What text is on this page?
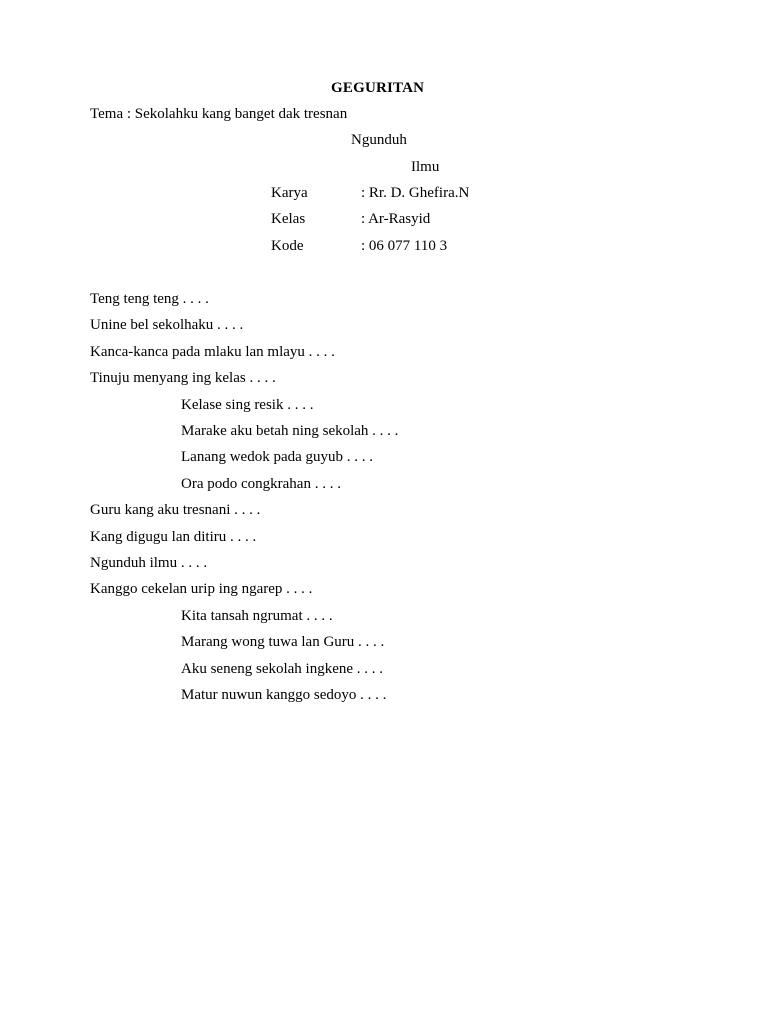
GEGURITAN
Tema : Sekolahku kang banget dak tresnan
Ngunduh
Ilmu
Karya	: Rr. D. Ghefira.N
Kelas	: Ar-Rasyid
Kode	: 06 077 110 3
Teng teng teng . . . .
Unine bel sekolhaku . . . .
Kanca-kanca pada mlaku lan mlayu . . . .
Tinuju menyang ing kelas . . . .
Kelase sing resik . . . .
Marake aku betah ning sekolah . . . .
Lanang wedok pada guyub . . . .
Ora podo congkrahan . . . .
Guru kang aku tresnani . . . .
Kang digugu lan ditiru . . . .
Ngunduh ilmu . . . .
Kanggo cekelan urip ing ngarep . . . .
Kita tansah ngrumat . . . .
Marang wong tuwa lan Guru . . . .
Aku seneng sekolah ingkene . . . .
Matur nuwun kanggo sedoyo . . . .
